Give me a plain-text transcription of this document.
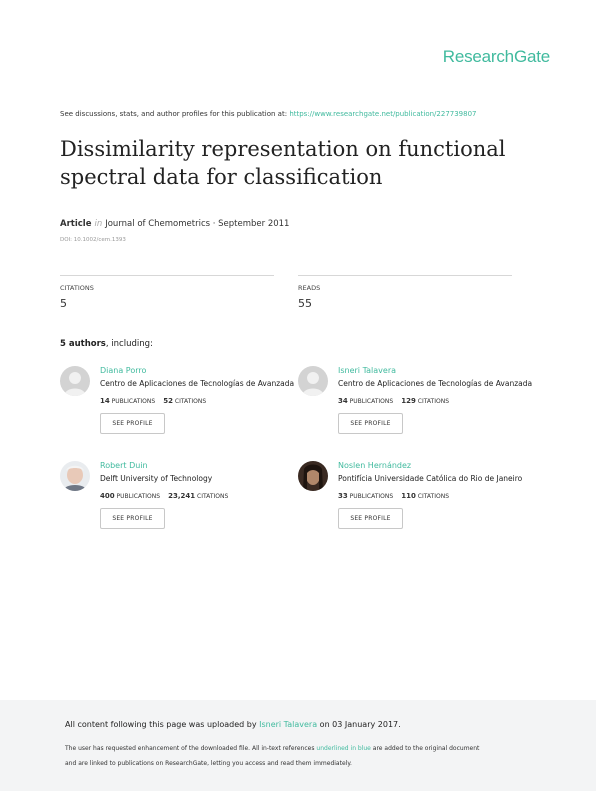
ResearchGate
See discussions, stats, and author profiles for this publication at: https://www.researchgate.net/publication/227739807
Dissimilarity representation on functional spectral data for classification
Article in Journal of Chemometrics · September 2011
DOI: 10.1002/cem.1393
CITATIONS
5
READS
55
5 authors, including:
Diana Porro
Centro de Aplicaciones de Tecnologías de Avanzada
14 PUBLICATIONS 52 CITATIONS
SEE PROFILE
Isneri Talavera
Centro de Aplicaciones de Tecnologías de Avanzada
34 PUBLICATIONS 129 CITATIONS
SEE PROFILE
Robert Duin
Delft University of Technology
400 PUBLICATIONS 23,241 CITATIONS
SEE PROFILE
Noslen Hernández
Pontifícia Universidade Católica do Rio de Janeiro
33 PUBLICATIONS 110 CITATIONS
SEE PROFILE
All content following this page was uploaded by Isneri Talavera on 03 January 2017.
The user has requested enhancement of the downloaded file. All in-text references underlined in blue are added to the original document
and are linked to publications on ResearchGate, letting you access and read them immediately.
